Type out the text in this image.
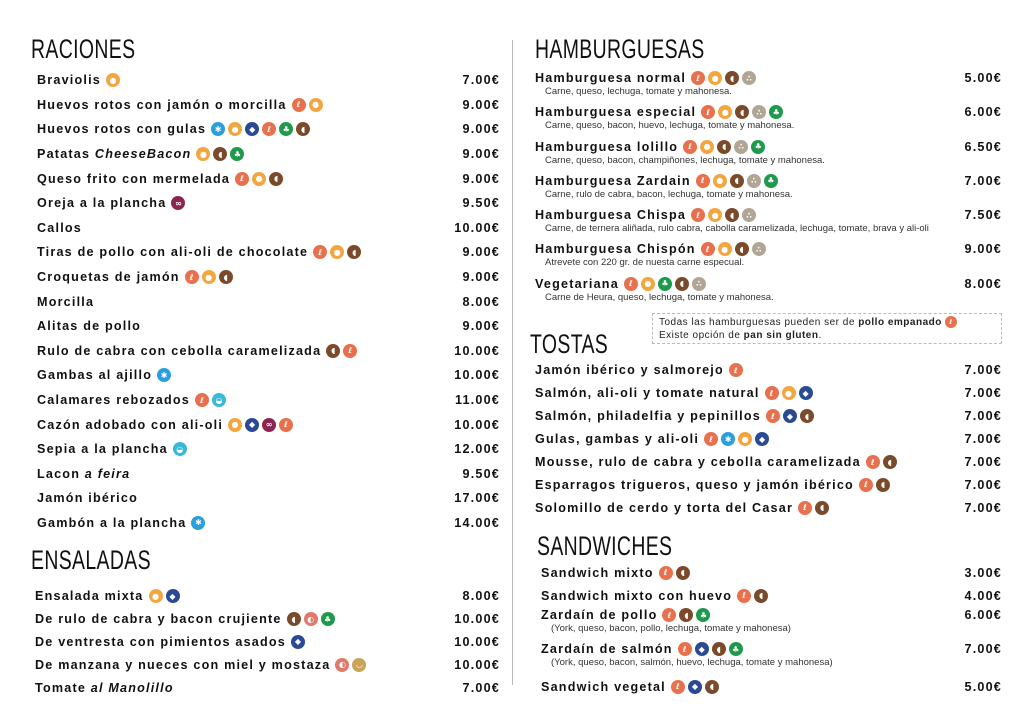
RACIONES
Braviolis	●	7.00€
Huevos rotos con jamón o morcilla	ℓ	●	9.00€
Huevos rotos con gulas	✱	●	◆	ℓ	♣	◖	9.00€
Patatas CheeseBacon	●	◖	♣	9.00€
Queso frito con mermelada	ℓ	●	◖	9.00€
Oreja a la plancha	∞	9.50€
Callos	10.00€
Tiras de pollo con ali-oli de chocolate	ℓ	●	◖	9.00€
Croquetas de jamón	ℓ	●	◖	9.00€
Morcilla	8.00€
Alitas de pollo	9.00€
Rulo de cabra con cebolla caramelizada	◖	ℓ	10.00€
Gambas al ajillo	✱	10.00€
Calamares rebozados	ℓ	◒	11.00€
Cazón adobado con ali-oli	●	◆	∞	ℓ	10.00€
Sepia a la plancha	◒	12.00€
Lacon a feira	9.50€
Jamón ibérico	17.00€
Gambón a la plancha	✱	14.00€
ENSALADAS
Ensalada mixta	●	◆	8.00€
De rulo de cabra y bacon crujiente	◖	◐	♣	10.00€
De ventresta con pimientos asados	◆	10.00€
De manzana y nueces con miel y mostaza	◐	◡	10.00€
Tomate al Manolillo	7.00€
HAMBURGUESAS
Hamburguesa normal	ℓ	●	◖	∴	5.00€
Carne, queso, lechuga, tomate y mahonesa.
Hamburguesa especial	ℓ	●	◖	∴	♣	6.00€
Carne, queso, bacon, huevo, lechuga, tomate y mahonesa.
Hamburguesa lolillo	ℓ	●	◖	∴	♣	6.50€
Carne, queso, bacon, champiñones, lechuga, tomate y mahonesa.
Hamburguesa Zardain	ℓ	●	◖	∴	♣	7.00€
Carne, rulo de cabra, bacon, lechuga, tomate y mahonesa.
Hamburguesa Chispa	ℓ	●	◖	∴	7.50€
Carne, de ternera aliñada, rulo cabra, cabolla caramelizada, lechuga, tomate, brava y ali-oli
Hamburguesa Chispón	ℓ	●	◖	∴	9.00€
Atrevete con 220 gr. de nuesta carne especual.
Vegetariana	ℓ	●	♣	◖	∴	8.00€
Carne de Heura, queso, lechuga, tomate y mahonesa.
Todas las hamburguesas pueden ser de pollo empanado ℓ
Existe opción de pan sin gluten.
TOSTAS
Jamón ibérico y salmorejo	ℓ	7.00€
Salmón, ali-oli y tomate natural	ℓ	●	◆	7.00€
Salmón, philadelfia y pepinillos	ℓ	◆	◖	7.00€
Gulas, gambas y ali-oli	ℓ	✱	●	◆	7.00€
Mousse, rulo de cabra y cebolla caramelizada	ℓ	◖	7.00€
Esparragos trigueros, queso y jamón ibérico	ℓ	◖	7.00€
Solomillo de cerdo y torta del Casar	ℓ	◖	7.00€
SANDWICHES
Sandwich mixto	ℓ	◖	3.00€
Sandwich mixto con huevo	ℓ	◖	4.00€
Zardaín de pollo	ℓ	◖	♣	6.00€
(York, queso, bacon, pollo, lechuga, tomate y mahonesa)
Zardaín de salmón	ℓ	◆	◖	♣	7.00€
(York, queso, bacon, salmón, huevo, lechuga, tomate y mahonesa)
Sandwich vegetal	ℓ	◆	◖	5.00€
